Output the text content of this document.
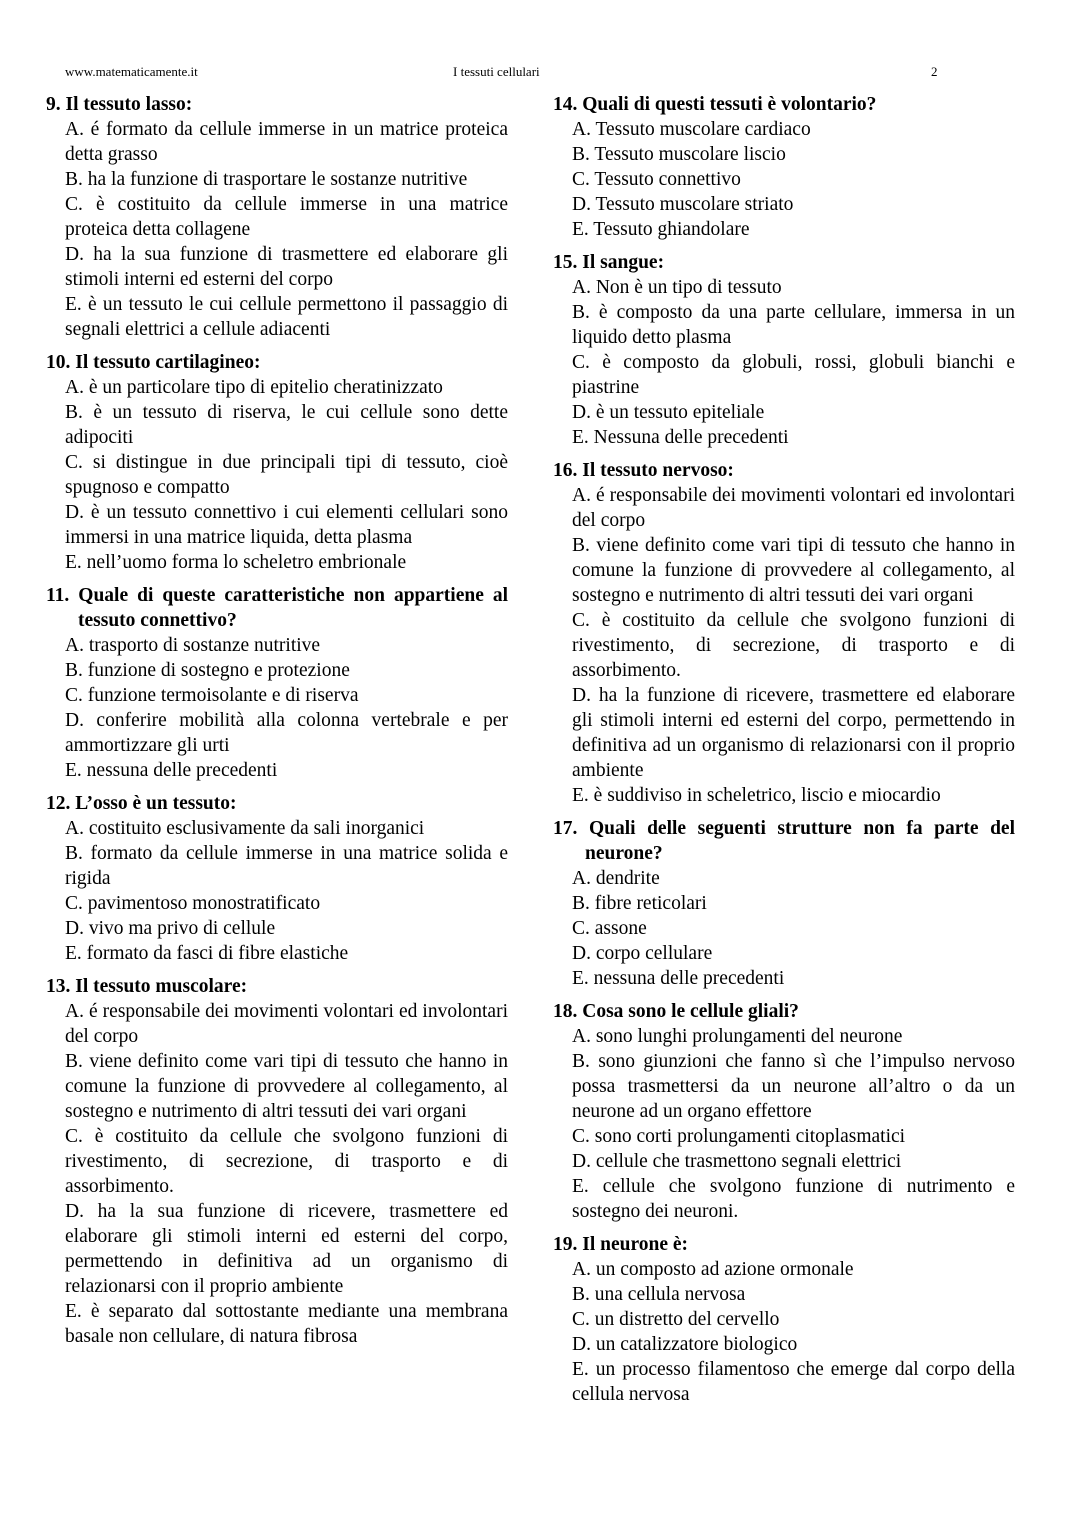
www.matematicamente.it	I tessuti cellulari	2
9. Il tessuto lasso:
A. é formato da cellule immerse in un matrice proteica detta grasso
B. ha la funzione di trasportare le sostanze nutritive
C. è costituito da cellule immerse in una matrice proteica detta collagene
D. ha la sua funzione di trasmettere ed elaborare gli stimoli interni ed esterni del corpo
E. è un tessuto le cui cellule permettono il passaggio di segnali elettrici a cellule adiacenti
10. Il tessuto cartilagineo:
A. è un particolare tipo di epitelio cheratinizzato
B. è un tessuto di riserva, le cui cellule sono dette adipociti
C. si distingue in due principali tipi di tessuto, cioè spugnoso e compatto
D. è un tessuto connettivo i cui elementi cellulari sono immersi in una matrice liquida, detta plasma
E. nell’uomo forma lo scheletro embrionale
11. Quale di queste caratteristiche non appartiene al tessuto connettivo?
A. trasporto di sostanze nutritive
B. funzione di sostegno e protezione
C. funzione termoisolante e di riserva
D. conferire mobilità alla colonna vertebrale e per ammortizzare gli urti
E. nessuna delle precedenti
12. L’osso è un tessuto:
A. costituito esclusivamente da sali inorganici
B. formato da cellule immerse in una matrice solida e rigida
C. pavimentoso monostratificato
D. vivo ma privo di cellule
E. formato da fasci di fibre elastiche
13. Il tessuto muscolare:
A. é responsabile dei movimenti volontari ed involontari del corpo
B. viene definito come vari tipi di tessuto che hanno in comune la funzione di provvedere al collegamento, al sostegno e nutrimento di altri tessuti dei vari organi
C. è costituito da cellule che svolgono funzioni di rivestimento, di secrezione, di trasporto e di assorbimento.
D. ha la sua funzione di ricevere, trasmettere ed elaborare gli stimoli interni ed esterni del corpo, permettendo in definitiva ad un organismo di relazionarsi con il proprio ambiente
E. è separato dal sottostante mediante una membrana basale non cellulare, di natura fibrosa
14. Quali di questi tessuti è volontario?
A. Tessuto muscolare cardiaco
B. Tessuto muscolare liscio
C. Tessuto connettivo
D. Tessuto muscolare striato
E. Tessuto ghiandolare
15. Il sangue:
A. Non è un tipo di tessuto
B. è composto da una parte cellulare, immersa in un liquido detto plasma
C. è composto da globuli, rossi, globuli bianchi e piastrine
D. è un tessuto epiteliale
E. Nessuna delle precedenti
16. Il tessuto nervoso:
A. é responsabile dei movimenti volontari ed involontari del corpo
B. viene definito come vari tipi di tessuto che hanno in comune la funzione di provvedere al collegamento, al sostegno e nutrimento di altri tessuti dei vari organi
C. è costituito da cellule che svolgono funzioni di rivestimento, di secrezione, di trasporto e di assorbimento.
D. ha la funzione di ricevere, trasmettere ed elaborare gli stimoli interni ed esterni del corpo, permettendo in definitiva ad un organismo di relazionarsi con il proprio ambiente
E. è suddiviso in scheletrico, liscio e miocardio
17. Quali delle seguenti strutture non fa parte del neurone?
A. dendrite
B. fibre reticolari
C. assone
D. corpo cellulare
E. nessuna delle precedenti
18. Cosa sono le cellule gliali?
A. sono lunghi prolungamenti del neurone
B. sono giunzioni che fanno sì che l’impulso nervoso possa trasmettersi da un neurone all’altro o da un neurone ad un organo effettore
C. sono corti prolungamenti citoplasmatici
D. cellule che trasmettono segnali elettrici
E. cellule che svolgono funzione di nutrimento e sostegno dei neuroni.
19. Il neurone è:
A. un composto ad azione ormonale
B. una cellula nervosa
C. un distretto del cervello
D. un catalizzatore biologico
E. un processo filamentoso che emerge dal corpo della cellula nervosa
